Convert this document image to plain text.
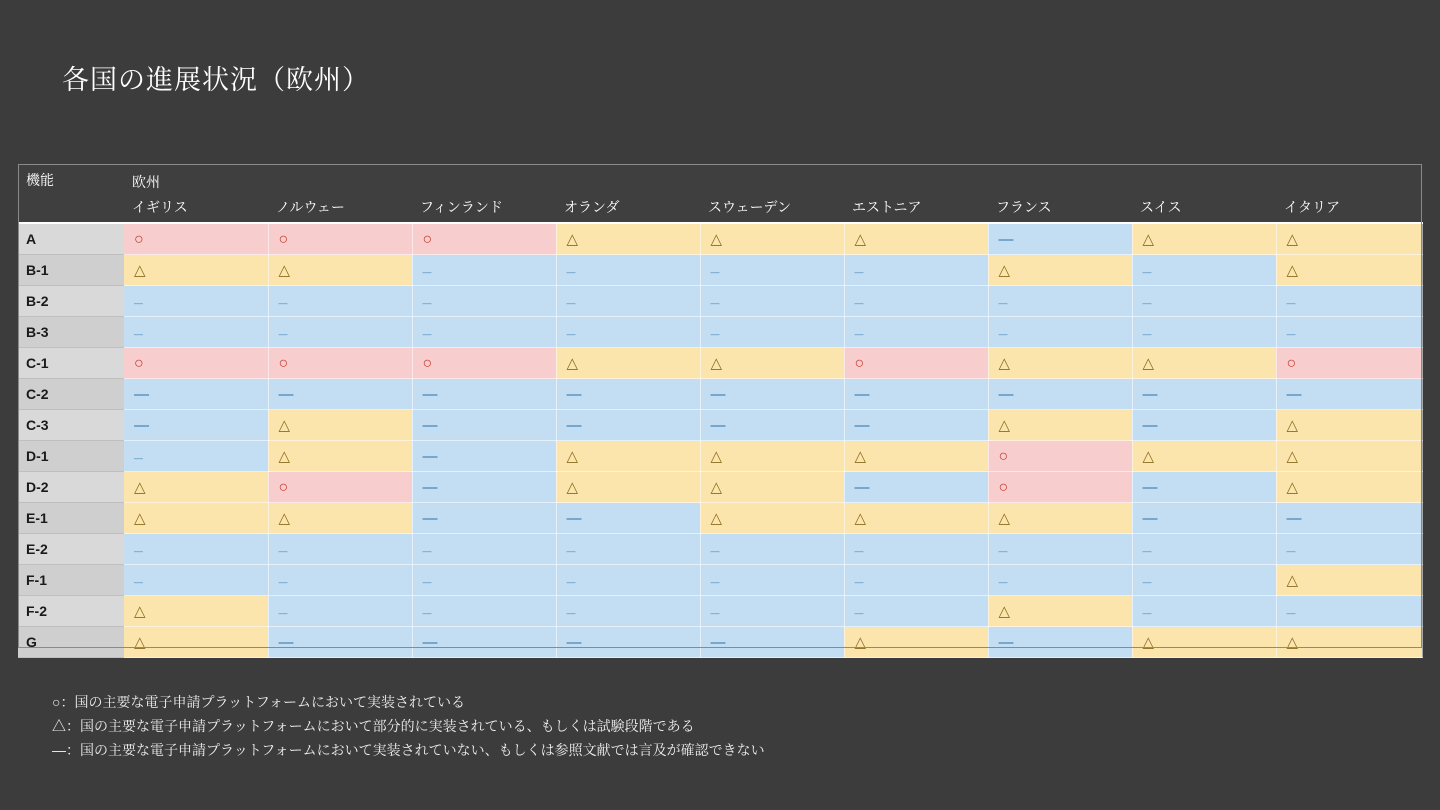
各国の進展状況（欧州）
機能	欧州								
	イギリス	ノルウェー	フィンランド	オランダ	スウェーデン	エストニア	フランス	スイス	イタリア
A	○	○	○	△	△	△	―	△	△
B-1	△	△	―	―	―	―	△	―	△
B-2	―	―	―	―	―	―	―	―	―
B-3	―	―	―	―	―	―	―	―	―
C-1	○	○	○	△	△	○	△	△	○
C-2	―	―	―	―	―	―	―	―	―
C-3	―	△	―	―	―	―	△	―	△
D-1	―	△	―	△	△	△	○	△	△
D-2	△	○	―	△	△	―	○	―	△
E-1	△	△	―	―	△	△	△	―	―
E-2	―	―	―	―	―	―	―	―	―
F-1	―	―	―	―	―	―	―	―	△
F-2	△	―	―	―	―	―	△	―	―
G	△	―	―	―	―	△	―	△	△
○：国の主要な電子申請プラットフォームにおいて実装されている
△：国の主要な電子申請プラットフォームにおいて部分的に実装されている、もしくは試験段階である
―：国の主要な電子申請プラットフォームにおいて実装されていない、もしくは参照文献では言及が確認できない
